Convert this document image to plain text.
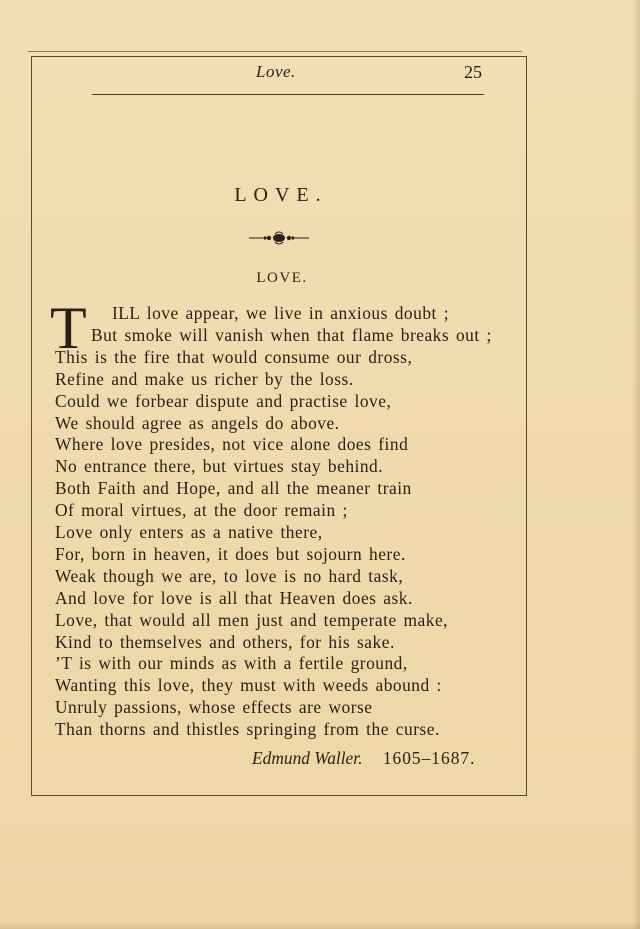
Love.	25
LOVE.
LOVE.
T ILL love appear, we live in anxious doubt ;
But smoke will vanish when that flame breaks out ;
This is the fire that would consume our dross,
Refine and make us richer by the loss.
Could we forbear dispute and practise love,
We should agree as angels do above.
Where love presides, not vice alone does find
No entrance there, but virtues stay behind.
Both Faith and Hope, and all the meaner train
Of moral virtues, at the door remain ;
Love only enters as a native there,
For, born in heaven, it does but sojourn here.
Weak though we are, to love is no hard task,
And love for love is all that Heaven does ask.
Love, that would all men just and temperate make,
Kind to themselves and others, for his sake.
’T is with our minds as with a fertile ground,
Wanting this love, they must with weeds abound :
Unruly passions, whose effects are worse
Than thorns and thistles springing from the curse.
Edmund Waller. 1605–1687.
